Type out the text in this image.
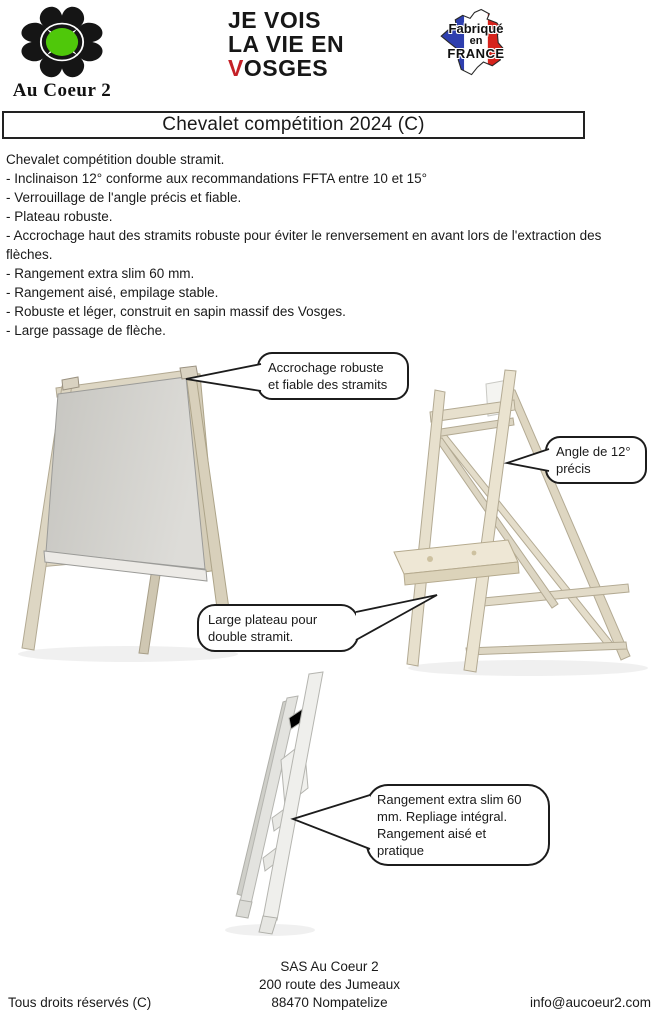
Au Coeur 2
JE VOIS
LA VIE EN
VOSGES
Fabriqué
en
FRANCE
Chevalet compétition 2024 (C)
Chevalet compétition double stramit.
- Inclinaison 12° conforme aux recommandations FFTA entre 10 et 15°
- Verrouillage de l'angle précis et fiable.
- Plateau robuste.
- Accrochage haut des stramits robuste pour éviter le renversement en avant lors de l'extraction des
flèches.
- Rangement extra slim 60 mm.
- Rangement aisé, empilage stable.
- Robuste et léger, construit en sapin massif des Vosges.
- Large passage de flèche.
Accrochage robuste
et fiable des stramits
Angle de 12°
précis
Large plateau pour
double stramit.
Rangement extra slim 60
mm. Repliage intégral.
Rangement aisé et
pratique
SAS Au Coeur 2
200 route des Jumeaux
88470 Nompatelize
Tous droits réservés (C)	info@aucoeur2.com
